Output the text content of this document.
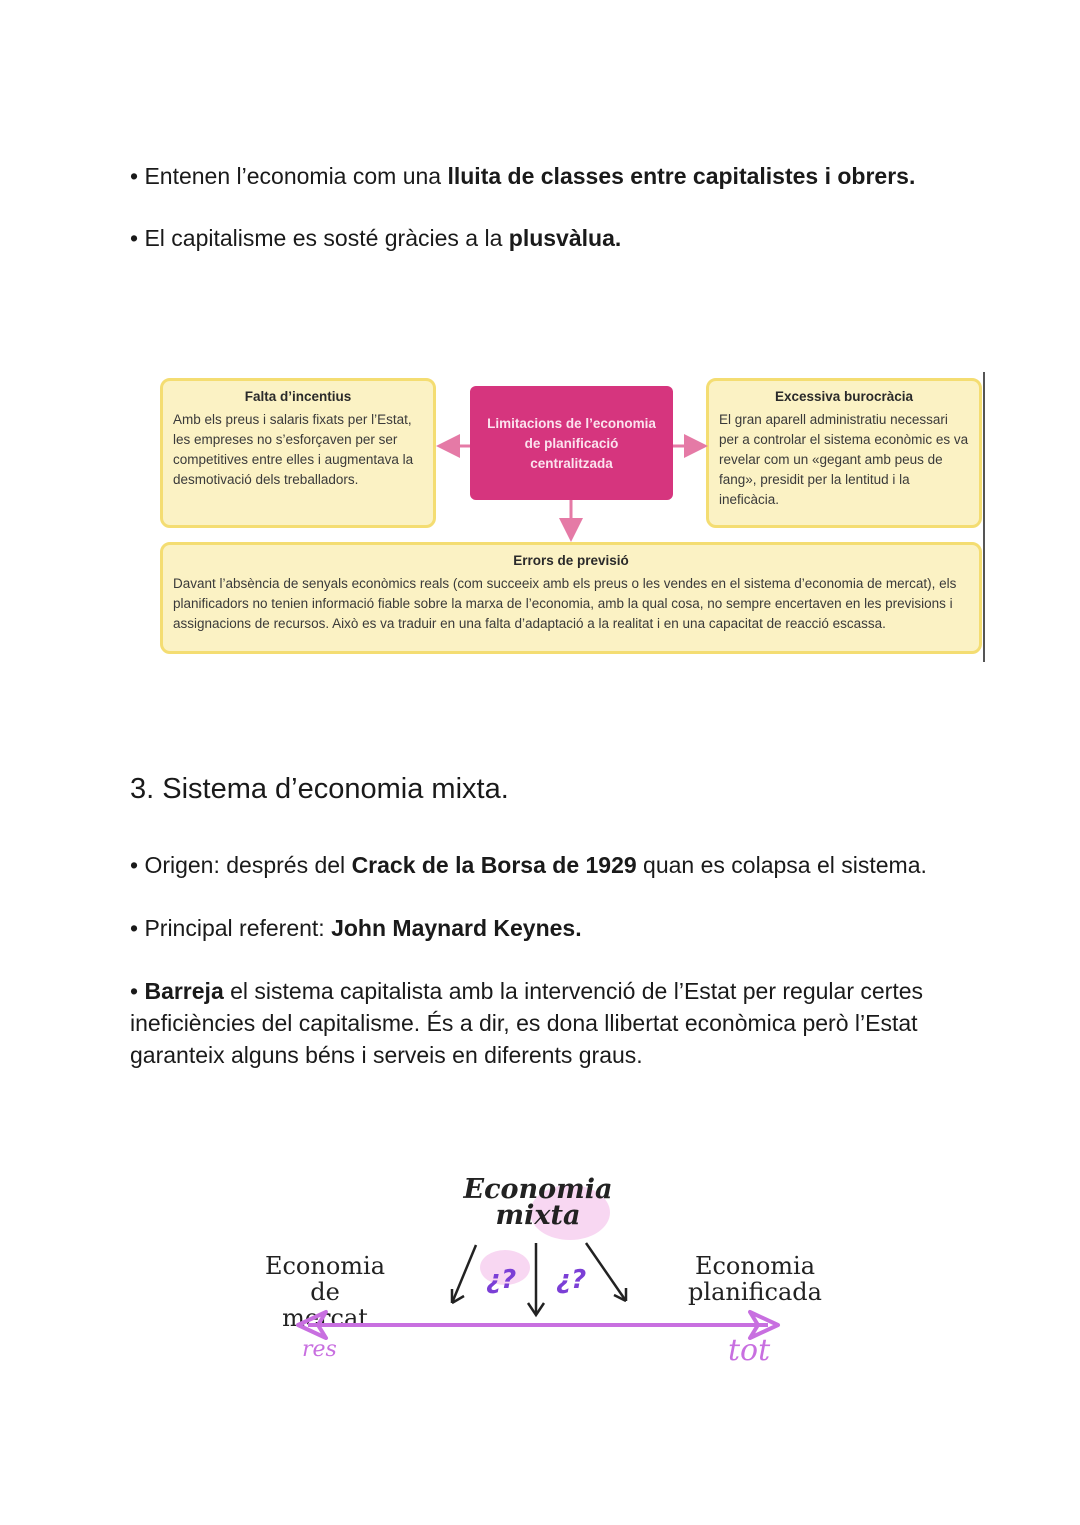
• Entenen l’economia com una lluita de classes entre capitalistes i obrers.

• El capitalisme es sosté gràcies a la plusvàlua.

Falta d’incentius
Amb els preus i salaris fixats per l’Estat, les empreses no s’esforçaven per ser competitives entre elles i augmentava la desmotivació dels treballadors.
Excessiva burocràcia
El gran aparell administratiu necessari per a controlar el sistema econòmic es va revelar com un «gegant amb peus de fang», presidit per la lentitud i la ineficàcia.
Errors de previsió
Davant l’absència de senyals econòmics reals (com succeeix amb els preus o les vendes en el sistema d’economia de mercat), els planificadors no tenien informació fiable sobre la marxa de l’economia, amb la qual cosa, no sempre encertaven en les previsions i assignacions de recursos. Això es va traduir en una falta d’adaptació a la realitat i en una capacitat de reacció escassa.
Limitacions de l’economia
de planificació
centralitzada
3. Sistema d’economia mixta.

• Origen: després del Crack de la Borsa de 1929 quan es colapsa el sistema.

• Principal referent: John Maynard Keynes.

• Barreja el sistema capitalista amb la intervenció de l’Estat per regular certes ineficiències del capitalisme. És a dir, es dona llibertat econòmica però l’Estat garanteix alguns béns i serveis en diferents graus.

Economia
mixta
Economia de
mercat
Economia
planificada
¿? ¿?
res	tot
